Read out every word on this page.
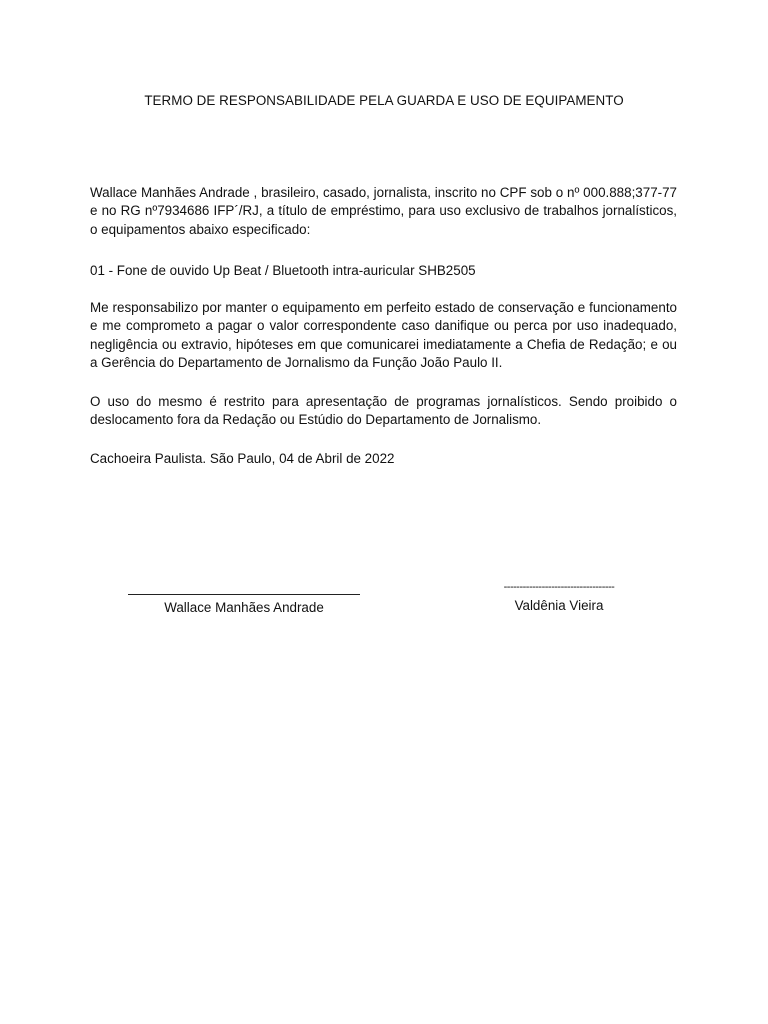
TERMO DE RESPONSABILIDADE PELA GUARDA E USO DE EQUIPAMENTO

Wallace Manhães Andrade , brasileiro, casado, jornalista, inscrito no CPF sob o nº 000.888;377-77 e no RG nº7934686 IFP´/RJ, a título de empréstimo, para uso exclusivo de trabalhos jornalísticos, o equipamentos abaixo especificado:

01 - Fone de ouvido Up Beat / Bluetooth intra-auricular SHB2505

Me responsabilizo por manter o equipamento em perfeito estado de conservação e funcionamento e me comprometo a pagar o valor correspondente caso danifique ou perca por uso inadequado, negligência ou extravio, hipóteses em que comunicarei imediatamente a Chefia de Redação; e ou a Gerência do Departamento de Jornalismo da Função João Paulo II.

O uso do mesmo é restrito para apresentação de programas jornalísticos. Sendo proibido o deslocamento fora da Redação ou Estúdio do Departamento de Jornalismo.

Cachoeira Paulista. São Paulo, 04 de Abril de 2022

Wallace Manhães Andrade
-----------------------------------
Valdênia Vieira
